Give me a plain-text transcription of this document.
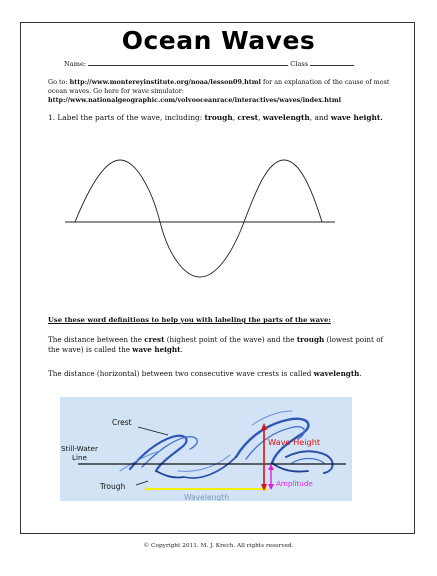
Ocean Waves
Name:	Class
Go to: http://www.montereyinstitute.org/noaa/lesson09.html for an explanation of the cause of most ocean waves. Go here for wave simulator: http://www.nationalgeographic.com/volvooceanrace/interactives/waves/index.html
1. Label the parts of the wave, including: trough, crest, wavelength, and wave height.
Use these word definitions to help you with labeling the parts of the wave:
The distance between the crest (highest point of the wave) and the trough (lowest point of the wave) is called the wave height.
The distance (horizontal) between two consecutive wave crests is called wavelength.
Crest
Still-Water
Line
Trough
Wave Height
Amplitude
Wavelength
© Copyright 2011. M. J. Krech. All rights reserved.
